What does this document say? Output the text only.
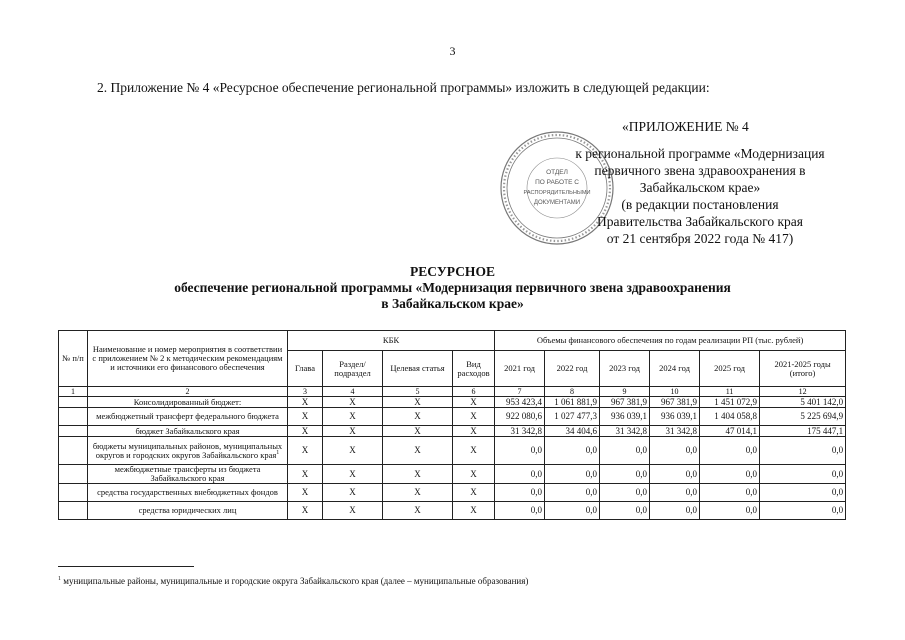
3
2. Приложение № 4 «Ресурсное обеспечение региональной программы» изложить в следующей редакции:
ОТДЕЛ
ПО РАБОТЕ С
РАСПОРЯДИТЕЛЬНЫМИ
ДОКУМЕНТАМИ
«ПРИЛОЖЕНИЕ № 4
к региональной программе «Модернизация
первичного звена здравоохранения в
Забайкальском крае»
(в редакции постановления
Правительства Забайкальского края
от 21 сентября 2022 года № 417)
РЕСУРСНОЕ
обеспечение региональной программы «Модернизация первичного звена здравоохранения
в Забайкальском крае»
№ п/п	Наименование и номер мероприятия в соответствии с приложением № 2 к методическим рекомендациям и источники его финансового обеспечения	КБК				Объемы финансового обеспечения по годам реализации РП (тыс. рублей)					
		Глава	Раздел/подраздел	Целевая статья	Вид расходов	2021 год	2022 год	2023 год	2024 год	2025 год	2021-2025 годы (итого)
1	2	3	4	5	6	7	8	9	10	11	12
	Консолидированный бюджет:	X	X	X	X	953 423,4	1 061 881,9	967 381,9	967 381,9	1 451 072,9	5 401 142,0
	межбюджетный трансферт федерального бюджета	X	X	X	X	922 080,6	1 027 477,3	936 039,1	936 039,1	1 404 058,8	5 225 694,9
	бюджет Забайкальского края	X	X	X	X	31 342,8	34 404,6	31 342,8	31 342,8	47 014,1	175 447,1
	бюджеты муниципальных районов, муниципальных округов и городских округов Забайкальского края$^1$	X	X	X	X	0,0	0,0	0,0	0,0	0,0	0,0
	межбюджетные трансферты из бюджета Забайкальского края	X	X	X	X	0,0	0,0	0,0	0,0	0,0	0,0
	средства государственных внебюджетных фондов	X	X	X	X	0,0	0,0	0,0	0,0	0,0	0,0
	средства юридических лиц	X	X	X	X	0,0	0,0	0,0	0,0	0,0	0,0
$^1$ муниципальные районы, муниципальные и городские округа Забайкальского края (далее – муниципальные образования)
